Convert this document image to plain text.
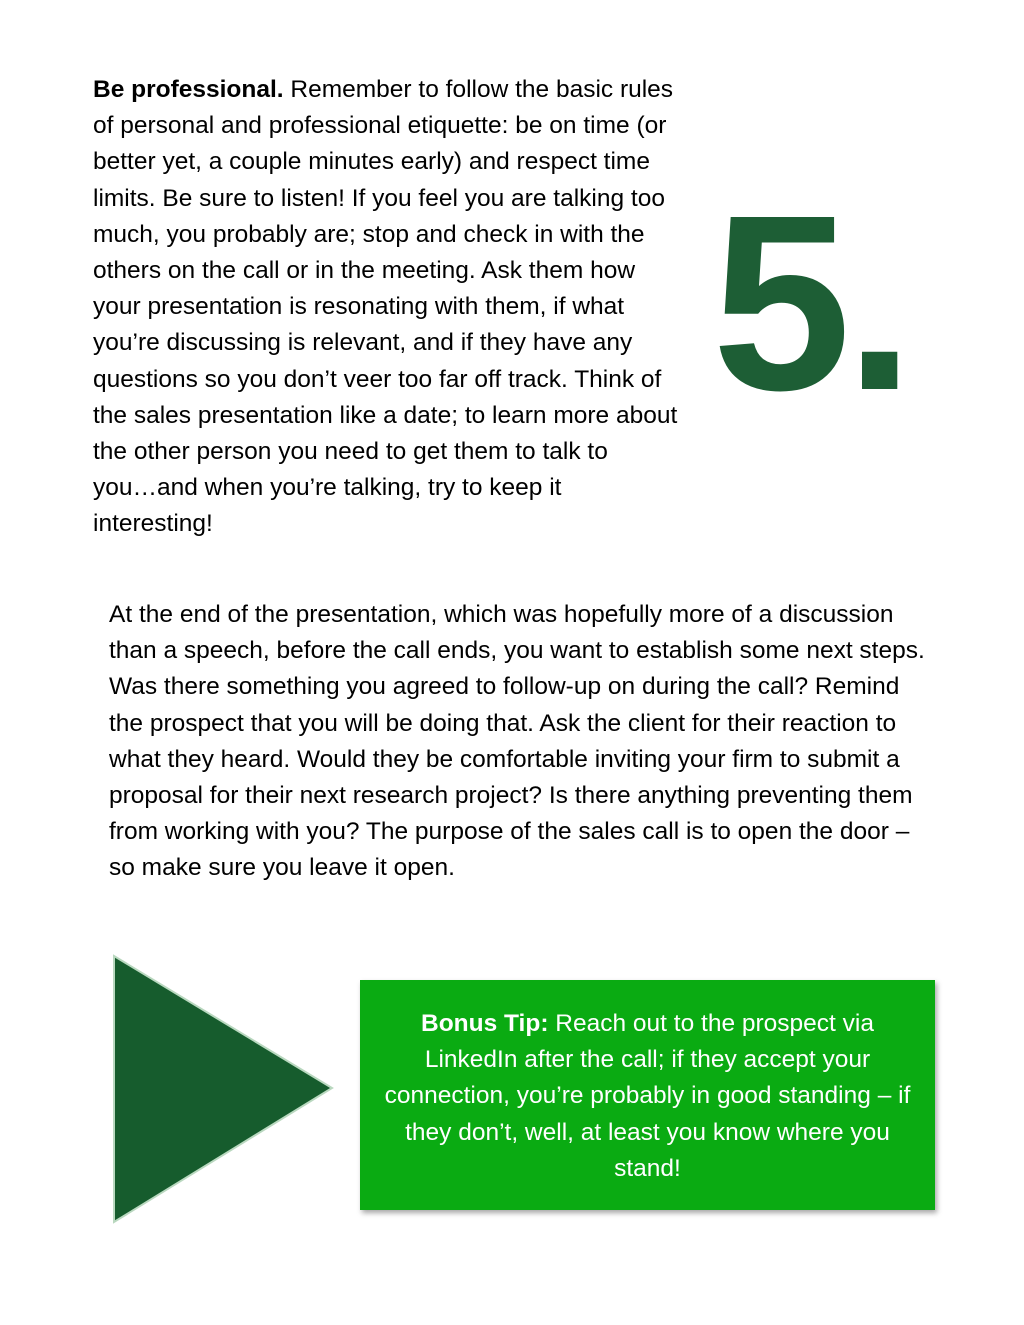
Be professional. Remember to follow the basic rules of personal and professional etiquette: be on time (or better yet, a couple minutes early) and respect time limits. Be sure to listen! If you feel you are talking too much, you probably are; stop and check in with the others on the call or in the meeting. Ask them how your presentation is resonating with them, if what you’re discussing is relevant, and if they have any questions so you don’t veer too far off track. Think of the sales presentation like a date; to learn more about the other person you need to get them to talk to you…and when you’re talking, try to keep it interesting!

5.

At the end of the presentation, which was hopefully more of a discussion than a speech, before the call ends, you want to establish some next steps. Was there something you agreed to follow-up on during the call? Remind the prospect that you will be doing that. Ask the client for their reaction to what they heard. Would they be comfortable inviting your firm to submit a proposal for their next research project? Is there anything preventing them from working with you? The purpose of the sales call is to open the door – so make sure you leave it open.

Bonus Tip: Reach out to the prospect via LinkedIn after the call; if they accept your connection, you’re probably in good standing – if they don’t, well, at least you know where you stand!
